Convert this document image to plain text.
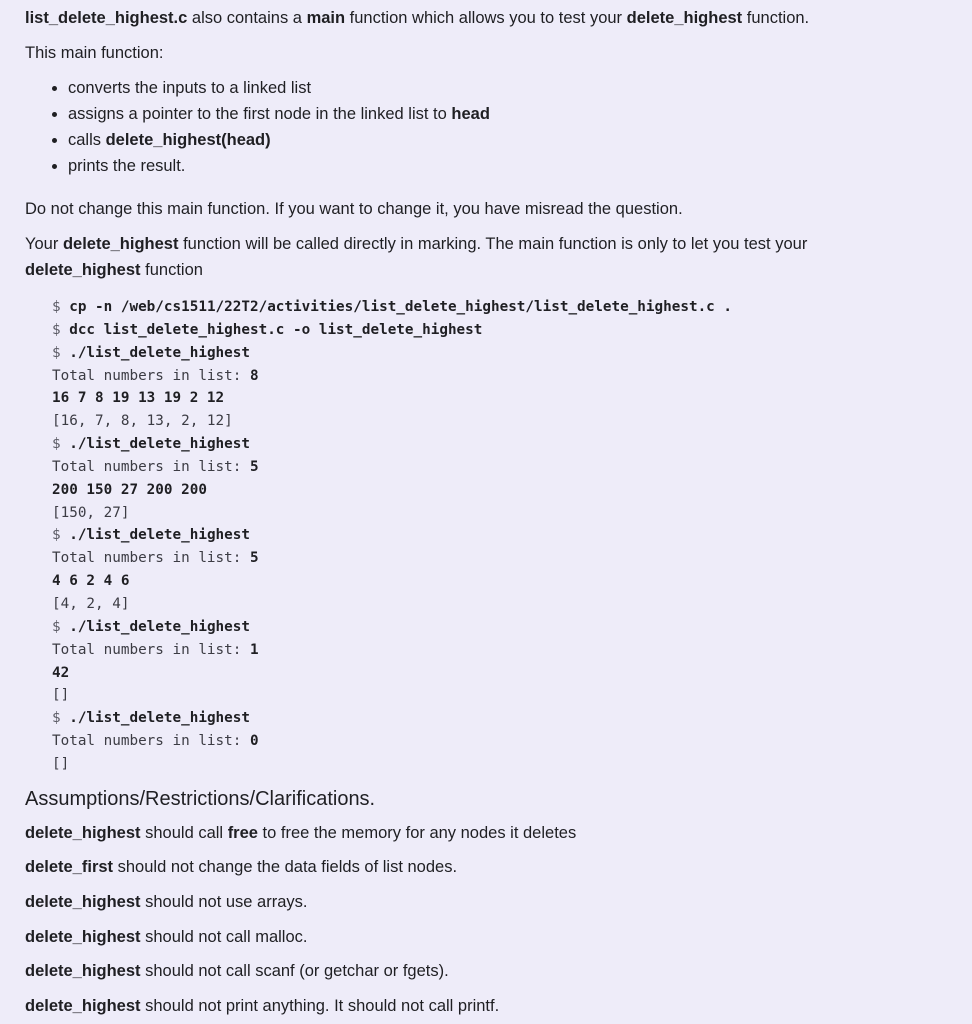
list_delete_highest.c also contains a main function which allows you to test your delete_highest function.

This main function:

• converts the inputs to a linked list
• assigns a pointer to the first node in the linked list to head
• calls delete_highest(head)
• prints the result.

Do not change this main function. If you want to change it, you have misread the question.

Your delete_highest function will be called directly in marking. The main function is only to let you test your delete_highest function

$ cp -n /web/cs1511/22T2/activities/list_delete_highest/list_delete_highest.c .
$ dcc list_delete_highest.c -o list_delete_highest
$ ./list_delete_highest
Total numbers in list: 8
16 7 8 19 13 19 2 12
[16, 7, 8, 13, 2, 12]
$ ./list_delete_highest
Total numbers in list: 5
200 150 27 200 200
[150, 27]
$ ./list_delete_highest
Total numbers in list: 5
4 6 2 4 6
[4, 2, 4]
$ ./list_delete_highest
Total numbers in list: 1
42
[]
$ ./list_delete_highest
Total numbers in list: 0
[]
Assumptions/Restrictions/Clarifications.

delete_highest should call free to free the memory for any nodes it deletes

delete_first should not change the data fields of list nodes.

delete_highest should not use arrays.

delete_highest should not call malloc.

delete_highest should not call scanf (or getchar or fgets).

delete_highest should not print anything. It should not call printf.
